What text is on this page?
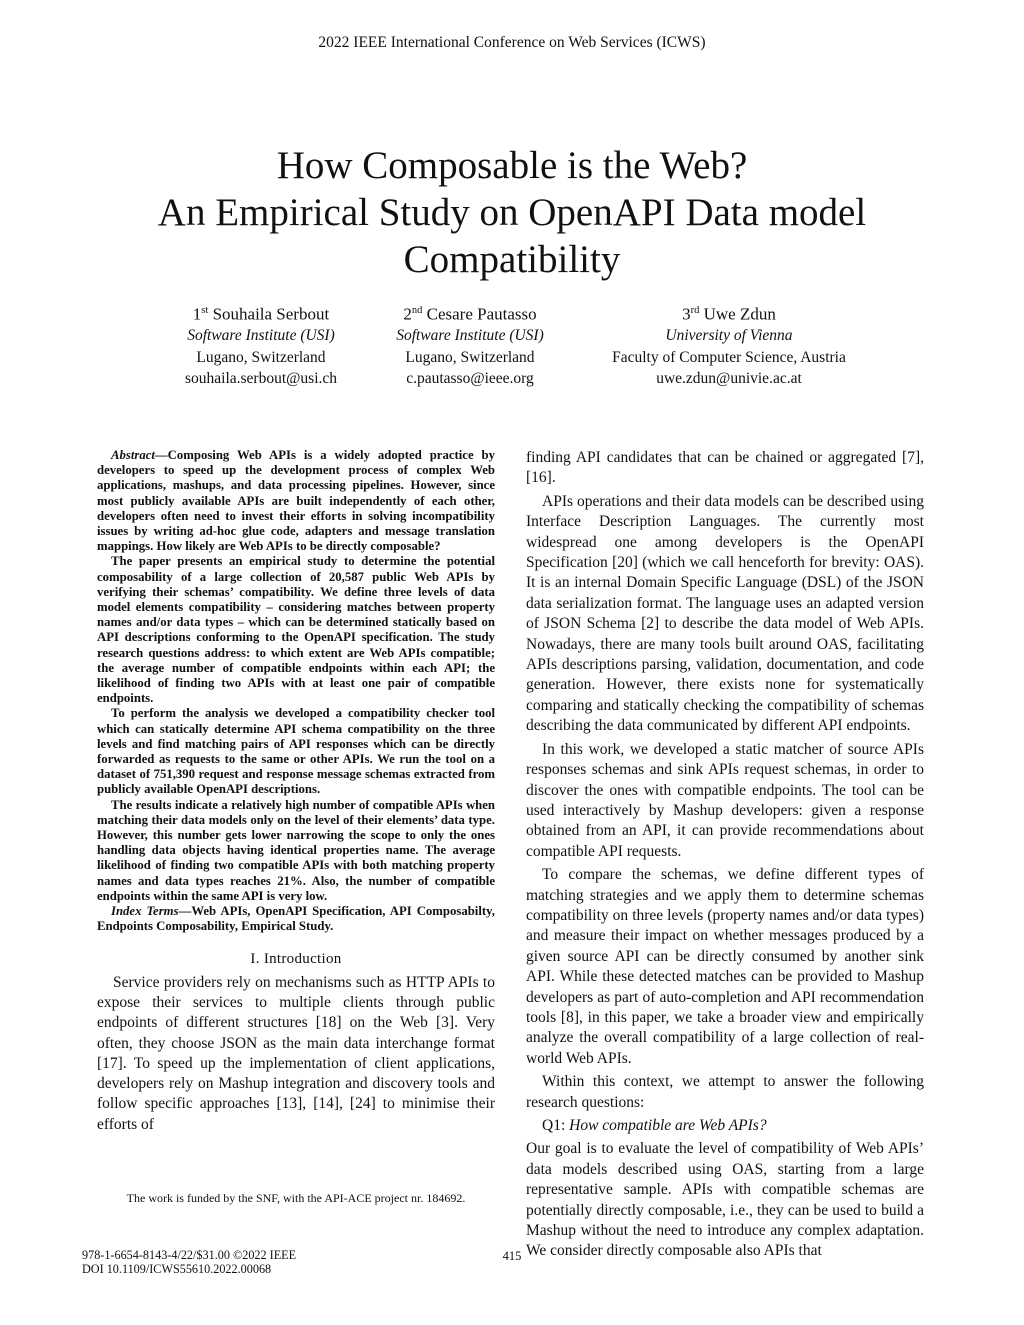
2022 IEEE International Conference on Web Services (ICWS)
How Composable is the Web?
An Empirical Study on OpenAPI Data model
Compatibility
1st Souhaila Serbout
Software Institute (USI)
Lugano, Switzerland
souhaila.serbout@usi.ch
2nd Cesare Pautasso
Software Institute (USI)
Lugano, Switzerland
c.pautasso@ieee.org
3rd Uwe Zdun
University of Vienna
Faculty of Computer Science, Austria
uwe.zdun@univie.ac.at

Abstract—Composing Web APIs is a widely adopted practice by developers to speed up the development process of complex Web applications, mashups, and data processing pipelines. However, since most publicly available APIs are built independently of each other, developers often need to invest their efforts in solving incompatibility issues by writing ad-hoc glue code, adapters and message translation mappings. How likely are Web APIs to be directly composable?

The paper presents an empirical study to determine the potential composability of a large collection of 20,587 public Web APIs by verifying their schemas’ compatibility. We define three levels of data model elements compatibility – considering matches between property names and/or data types – which can be determined statically based on API descriptions conforming to the OpenAPI specification. The study research questions address: to which extent are Web APIs compatible; the average number of compatible endpoints within each API; the likelihood of finding two APIs with at least one pair of compatible endpoints.

To perform the analysis we developed a compatibility checker tool which can statically determine API schema compatibility on the three levels and find matching pairs of API responses which can be directly forwarded as requests to the same or other APIs. We run the tool on a dataset of 751,390 request and response message schemas extracted from publicly available OpenAPI descriptions.

The results indicate a relatively high number of compatible APIs when matching their data models only on the level of their elements’ data type. However, this number gets lower narrowing the scope to only the ones handling data objects having identical properties name. The average likelihood of finding two compatible APIs with both matching property names and data types reaches 21%. Also, the number of compatible endpoints within the same API is very low.

Index Terms—Web APIs, OpenAPI Specification, API Composabilty, Endpoints Composability, Empirical Study.

I. Introduction

Service providers rely on mechanisms such as HTTP APIs to expose their services to multiple clients through public endpoints of different structures [18] on the Web [3]. Very often, they choose JSON as the main data interchange format [17]. To speed up the implementation of client applications, developers rely on Mashup integration and discovery tools and follow specific approaches [13], [14], [24] to minimise their efforts of

The work is funded by the SNF, with the API-ACE project nr. 184692.

finding API candidates that can be chained or aggregated [7], [16].

APIs operations and their data models can be described using Interface Description Languages. The currently most widespread one among developers is the OpenAPI Specification [20] (which we call henceforth for brevity: OAS). It is an internal Domain Specific Language (DSL) of the JSON data serialization format. The language uses an adapted version of JSON Schema [2] to describe the data model of Web APIs. Nowadays, there are many tools built around OAS, facilitating APIs descriptions parsing, validation, documentation, and code generation. However, there exists none for systematically comparing and statically checking the compatibility of schemas describing the data communicated by different API endpoints.

In this work, we developed a static matcher of source APIs responses schemas and sink APIs request schemas, in order to discover the ones with compatible endpoints. The tool can be used interactively by Mashup developers: given a response obtained from an API, it can provide recommendations about compatible API requests.

To compare the schemas, we define different types of matching strategies and we apply them to determine schemas compatibility on three levels (property names and/or data types) and measure their impact on whether messages produced by a given source API can be directly consumed by another sink API. While these detected matches can be provided to Mashup developers as part of auto-completion and API recommendation tools [8], in this paper, we take a broader view and empirically analyze the overall compatibility of a large collection of real-world Web APIs.

Within this context, we attempt to answer the following research questions:

Q1: How compatible are Web APIs?

Our goal is to evaluate the level of compatibility of Web APIs’ data models described using OAS, starting from a large representative sample. APIs with compatible schemas are potentially directly composable, i.e., they can be used to build a Mashup without the need to introduce any complex adaptation. We consider directly composable also APIs that

978-1-6654-8143-4/22/$31.00 ©2022 IEEE
DOI 10.1109/ICWS55610.2022.00068
415
